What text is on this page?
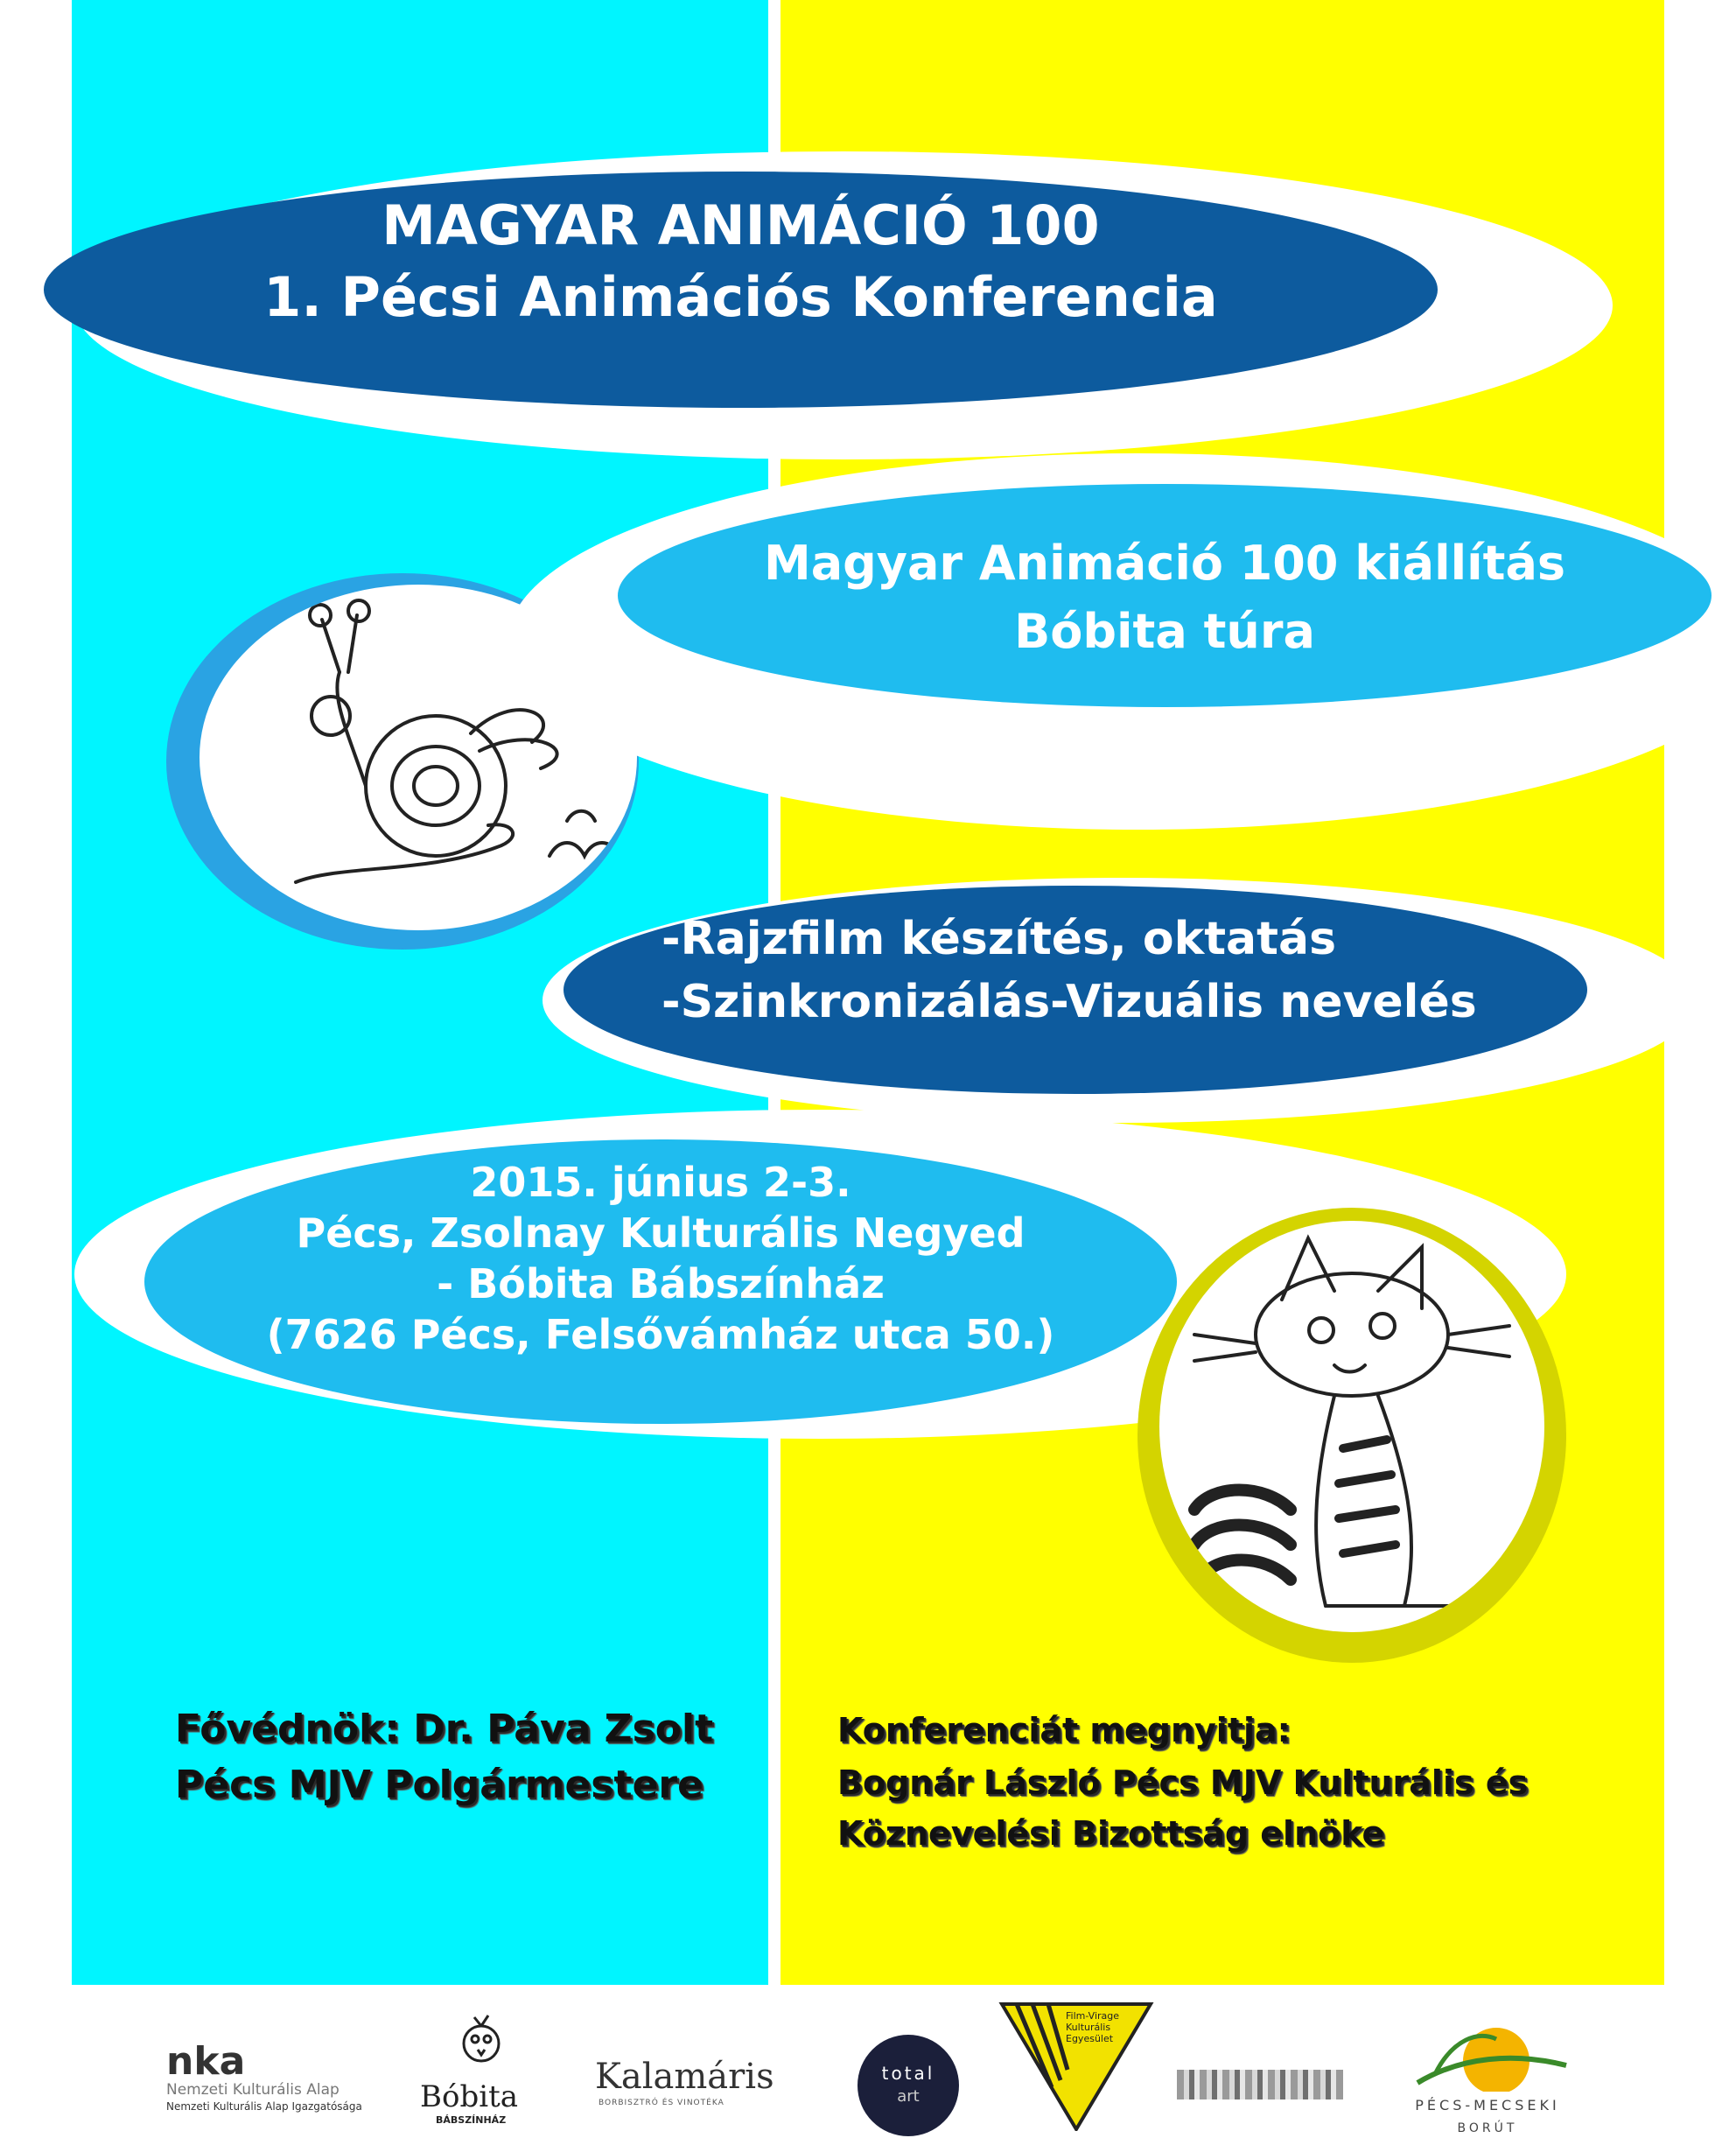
MAGYAR ANIMÁCIÓ 100
1. Pécsi Animációs Konferencia
Magyar Animáció 100 kiállítás
Bóbita túra
-Rajzfilm készítés, oktatás
-Szinkronizálás-Vizuális nevelés
2015. június 2-3.
Pécs, Zsolnay Kulturális Negyed
- Bóbita Bábszínház
(7626 Pécs, Felsővámház utca 50.)
Fővédnök: Dr. Páva Zsolt
Pécs MJV Polgármestere
Konferenciát megnyitja:
Bognár László Pécs MJV Kulturális és
Köznevelési Bizottság elnöke
nka
Nemzeti Kulturális Alap
Nemzeti Kulturális Alap Igazgatósága Bóbita
BÁBSZÍNHÁZ
Kalamáris
BORBISZTRÓ ÉS VINOTÉKA
total
art
Film-Virage Kulturális Egyesület
PÉCS-MECSEKI
BORÚT
